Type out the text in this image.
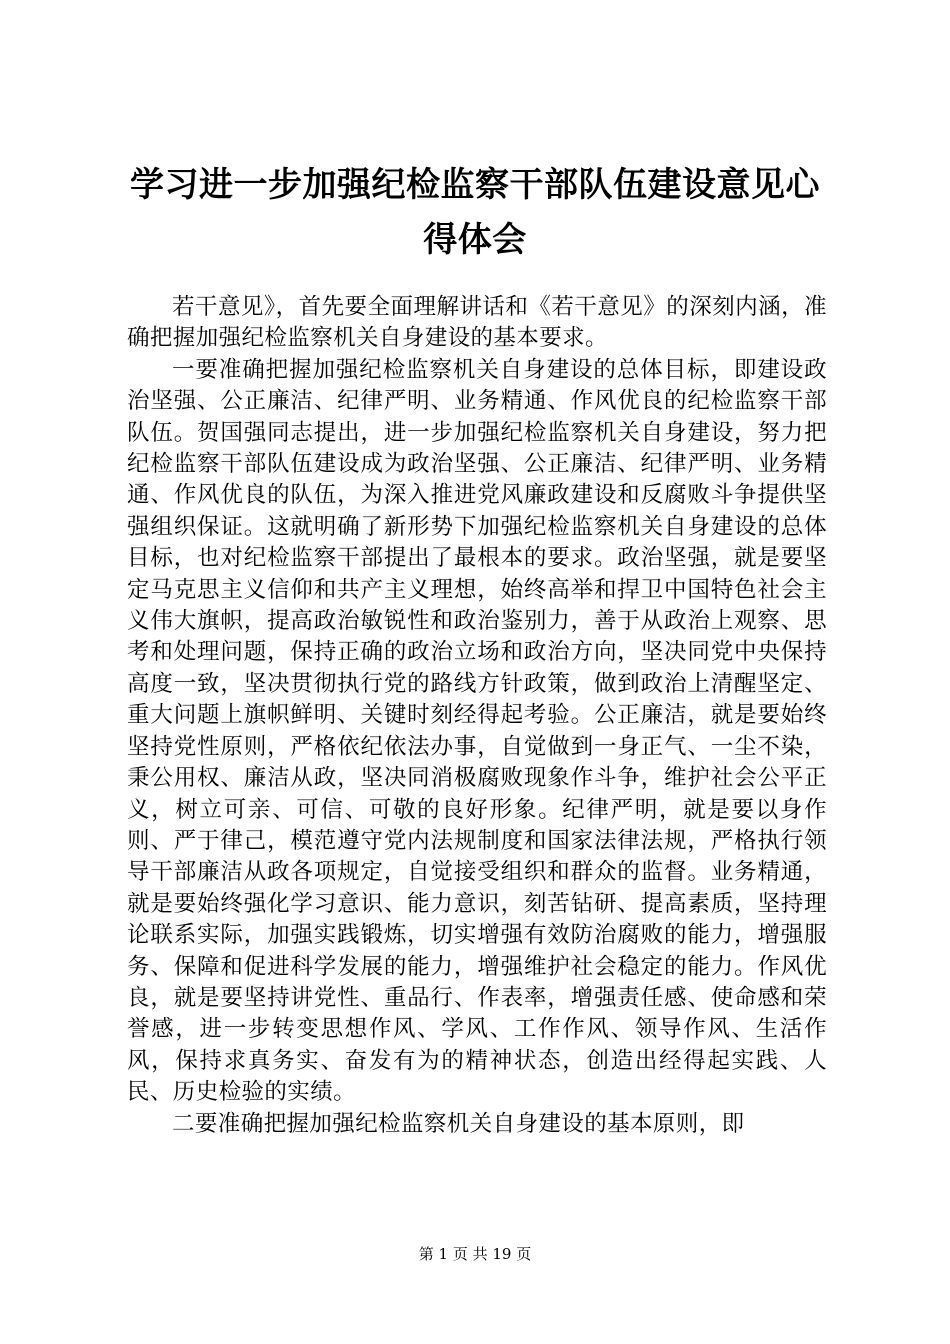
学习进一步加强纪检监察干部队伍建设意见心
得体会

若干意见》，首先要全面理解讲话和《若干意见》的深刻内涵，准确把握加强纪检监察机关自身建设的基本要求。

一要准确把握加强纪检监察机关自身建设的总体目标，即建设政治坚强、公正廉洁、纪律严明、业务精通、作风优良的纪检监察干部队伍。贺国强同志提出，进一步加强纪检监察机关自身建设，努力把纪检监察干部队伍建设成为政治坚强、公正廉洁、纪律严明、业务精通、作风优良的队伍，为深入推进党风廉政建设和反腐败斗争提供坚强组织保证。这就明确了新形势下加强纪检监察机关自身建设的总体目标，也对纪检监察干部提出了最根本的要求。政治坚强，就是要坚定马克思主义信仰和共产主义理想，始终高举和捍卫中国特色社会主义伟大旗帜，提高政治敏锐性和政治鉴别力，善于从政治上观察、思考和处理问题，保持正确的政治立场和政治方向，坚决同党中央保持高度一致，坚决贯彻执行党的路线方针政策，做到政治上清醒坚定、重大问题上旗帜鲜明、关键时刻经得起考验。公正廉洁，就是要始终坚持党性原则，严格依纪依法办事，自觉做到一身正气、一尘不染，秉公用权、廉洁从政，坚决同消极腐败现象作斗争，维护社会公平正义，树立可亲、可信、可敬的良好形象。纪律严明，就是要以身作则、严于律己，模范遵守党内法规制度和国家法律法规，严格执行领导干部廉洁从政各项规定，自觉接受组织和群众的监督。业务精通，就是要始终强化学习意识、能力意识，刻苦钻研、提高素质，坚持理论联系实际，加强实践锻炼，切实增强有效防治腐败的能力，增强服务、保障和促进科学发展的能力，增强维护社会稳定的能力。作风优良，就是要坚持讲党性、重品行、作表率，增强责任感、使命感和荣誉感，进一步转变思想作风、学风、工作作风、领导作风、生活作风，保持求真务实、奋发有为的精神状态，创造出经得起实践、人民、历史检验的实绩。

二要准确把握加强纪检监察机关自身建设的基本原则，即

第 1 页 共 19 页
